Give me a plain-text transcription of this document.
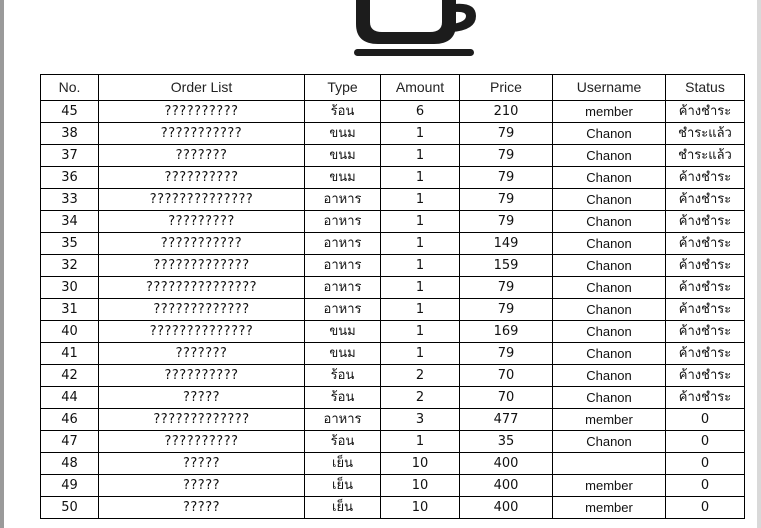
No.	Order List	Type	Amount	Price	Username	Status
45	??????????	ร้อน	6	210	member	ค้างชำระ
38	???????????	ขนม	1	79	Chanon	ชำระแล้ว
37	???????	ขนม	1	79	Chanon	ชำระแล้ว
36	??????????	ขนม	1	79	Chanon	ค้างชำระ
33	??????????????	อาหาร	1	79	Chanon	ค้างชำระ
34	?????????	อาหาร	1	79	Chanon	ค้างชำระ
35	???????????	อาหาร	1	149	Chanon	ค้างชำระ
32	?????????????	อาหาร	1	159	Chanon	ค้างชำระ
30	???????????????	อาหาร	1	79	Chanon	ค้างชำระ
31	?????????????	อาหาร	1	79	Chanon	ค้างชำระ
40	??????????????	ขนม	1	169	Chanon	ค้างชำระ
41	???????	ขนม	1	79	Chanon	ค้างชำระ
42	??????????	ร้อน	2	70	Chanon	ค้างชำระ
44	?????	ร้อน	2	70	Chanon	ค้างชำระ
46	?????????????	อาหาร	3	477	member	0
47	??????????	ร้อน	1	35	Chanon	0
48	?????	เย็น	10	400		0
49	?????	เย็น	10	400	member	0
50	?????	เย็น	10	400	member	0
